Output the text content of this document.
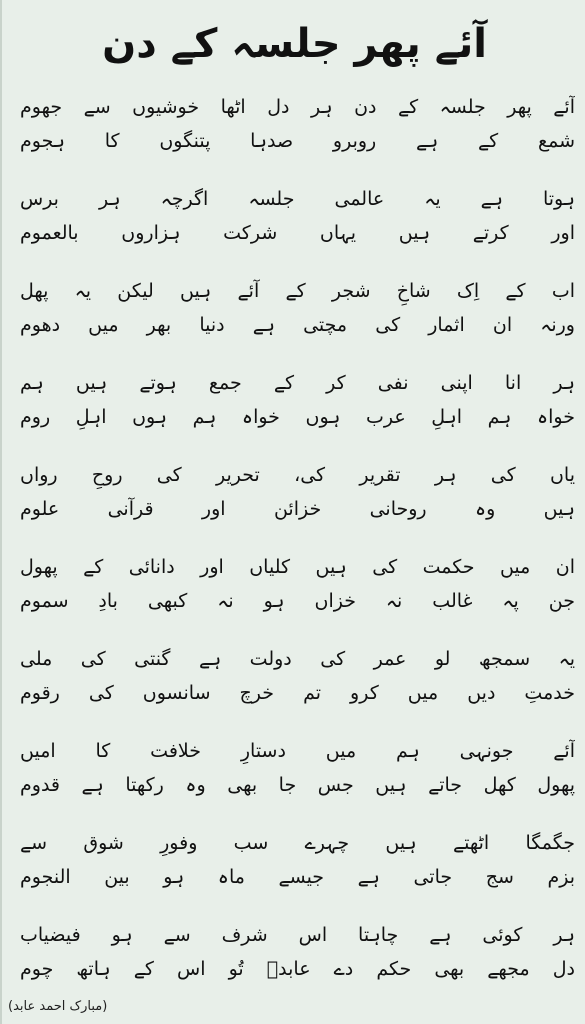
آئے پھر جلسہ کے دن
آئے پھر جلسہ کے دن ہر دل اٹھا خوشیوں سے جھوم
شمع کے ہے روبرو صدہا پتنگوں کا ہجوم
ہوتا ہے یہ عالمی جلسہ اگرچہ ہر برس
اور کرتے ہیں یہاں شرکت ہزاروں بالعموم
اب کے اِک شاخِ شجر کے آئے ہیں لیکن یہ پھل
ورنہ ان اثمار کی مچتی ہے دنیا بھر میں دھوم
ہر انا اپنی نفی کر کے جمع ہوتے ہیں ہم
خواہ ہم اہلِ عرب ہوں خواہ ہم ہوں اہلِ روم
یاں کی ہر تقریر کی، تحریر کی روحِ رواں
ہیں وہ روحانی خزائن اور قرآنی علوم
ان میں حکمت کی ہیں کلیاں اور دانائی کے پھول
جن پہ غالب نہ خزاں ہو نہ کبھی بادِ سموم
یہ سمجھ لو عمر کی دولت ہے گنتی کی ملی
خدمتِ دیں میں کرو تم خرچ سانسوں کی رقوم
آئے جونہی ہم میں دستارِ خلافت کا امیں
پھول کھل جاتے ہیں جس جا بھی وہ رکھتا ہے قدوم
جگمگا اٹھتے ہیں چہرے سب وفورِ شوق سے
بزم سج جاتی ہے جیسے ماہ ہو بین النجوم
ہر کوئی ہے چاہتا اس شرف سے ہو فیضیاب
دل مجھے بھی حکم دے عابدؔ تُو اس کے ہاتھ چوم
(مبارک احمد عابد)
